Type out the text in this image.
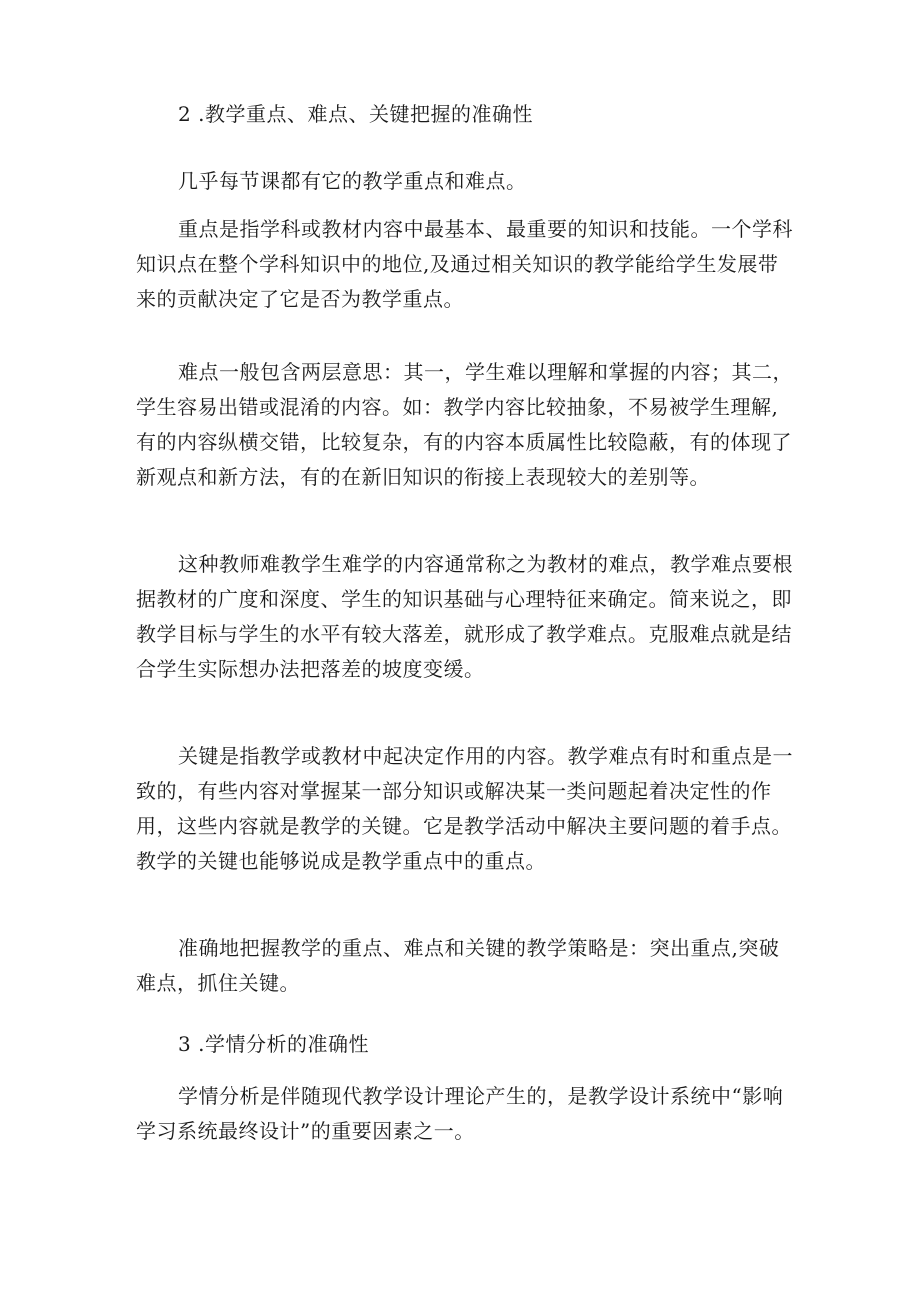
2 .教学重点、难点、关键把握的准确性

几乎每节课都有它的教学重点和难点。

重点是指学科或教材内容中最基本、最重要的知识和技能。一个学科知识点在整个学科知识中的地位,及通过相关知识的教学能给学生发展带来的贡献决定了它是否为教学重点。

难点一般包含两层意思：其一，学生难以理解和掌握的内容；其二，学生容易出错或混淆的内容。如：教学内容比较抽象，不易被学生理解,有的内容纵横交错，比较复杂，有的内容本质属性比较隐蔽，有的体现了新观点和新方法，有的在新旧知识的衔接上表现较大的差别等。

这种教师难教学生难学的内容通常称之为教材的难点，教学难点要根据教材的广度和深度、学生的知识基础与心理特征来确定。简来说之，即教学目标与学生的水平有较大落差，就形成了教学难点。克服难点就是结合学生实际想办法把落差的坡度变缓。

关键是指教学或教材中起决定作用的内容。教学难点有时和重点是一致的，有些内容对掌握某一部分知识或解决某一类问题起着决定性的作用，这些内容就是教学的关键。它是教学活动中解决主要问题的着手点。教学的关键也能够说成是教学重点中的重点。

准确地把握教学的重点、难点和关键的教学策略是：突出重点,突破难点，抓住关键。

3 .学情分析的准确性

学情分析是伴随现代教学设计理论产生的，是教学设计系统中“影响学习系统最终设计”的重要因素之一。
